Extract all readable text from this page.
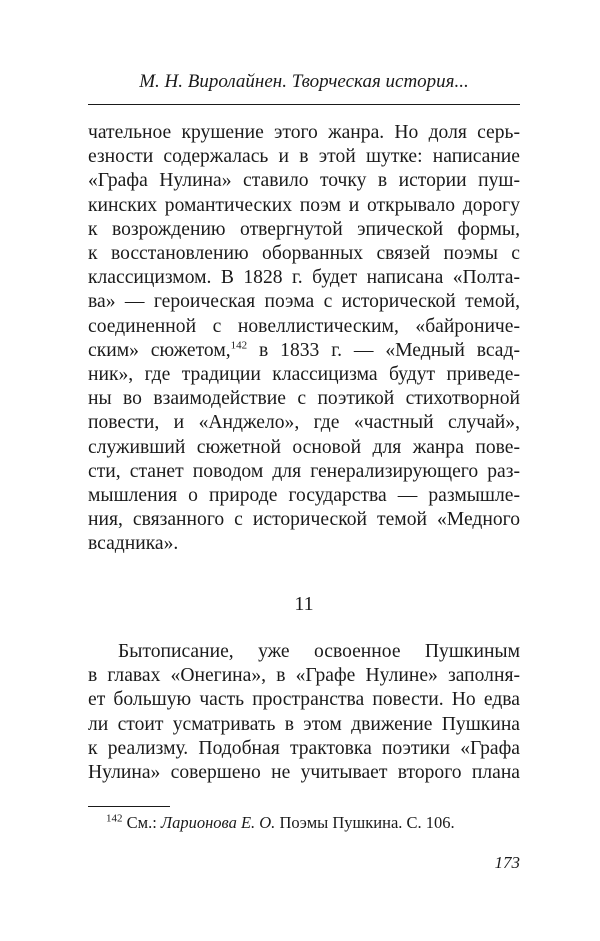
М. Н. Виролайнен. Творческая история...
чательное крушение этого жанра. Но доля серь-
езности содержалась и в этой шутке: написание
«Графа Нулина» ставило точку в истории пуш-
кинских романтических поэм и открывало дорогу
к возрождению отвергнутой эпической формы,
к восстановлению оборванных связей поэмы с
классицизмом. В 1828 г. будет написана «Полта-
ва» — героическая поэма с исторической темой,
соединенной с новеллистическим, «байрониче-
ским» сюжетом,$^{142}$ в 1833 г. — «Медный всад-
ник», где традиции классицизма будут приведе-
ны во взаимодействие с поэтикой стихотворной
повести, и «Анджело», где «частный случай»,
служивший сюжетной основой для жанра пове-
сти, станет поводом для генерализирующего раз-
мышления о природе государства — размышле-
ния, связанного с исторической темой «Медного
всадника».
11
Бытописание, уже освоенное Пушкиным
в главах «Онегина», в «Графе Нулине» заполня-
ет большую часть пространства повести. Но едва
ли стоит усматривать в этом движение Пушкина
к реализму. Подобная трактовка поэтики «Графа
Нулина» совершено не учитывает второго плана
$^{142}$ См.: Ларионова Е. О. Поэмы Пушкина. С. 106.
173
